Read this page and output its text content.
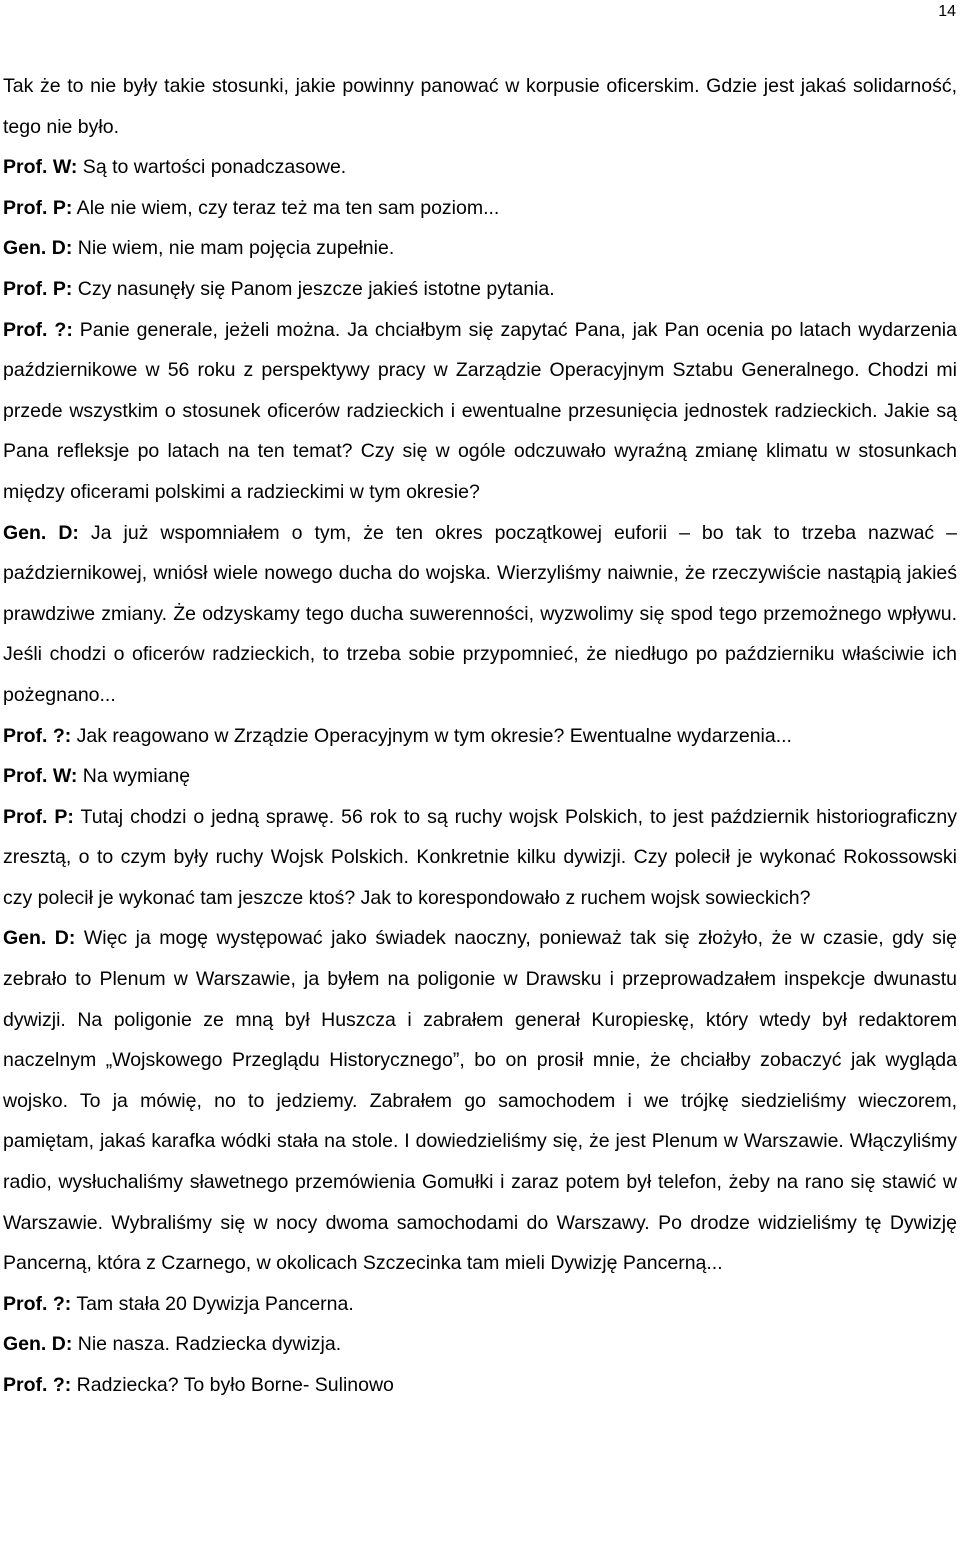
14

Tak że to nie były takie stosunki, jakie powinny panować w korpusie oficerskim. Gdzie jest jakaś solidarność, tego nie było.

Prof. W: Są to wartości ponadczasowe.

Prof. P: Ale nie wiem, czy teraz też ma ten sam poziom...

Gen. D: Nie wiem, nie mam pojęcia zupełnie.

Prof. P: Czy nasunęły się Panom jeszcze jakieś istotne pytania.

Prof. ?: Panie generale, jeżeli można. Ja chciałbym się zapytać Pana, jak Pan ocenia po latach wydarzenia październikowe w 56 roku z perspektywy pracy w Zarządzie Operacyjnym Sztabu Generalnego. Chodzi mi przede wszystkim o stosunek oficerów radzieckich i ewentualne przesunięcia jednostek radzieckich. Jakie są Pana refleksje po latach na ten temat? Czy się w ogóle odczuwało wyraźną zmianę klimatu w stosunkach między oficerami polskimi a radzieckimi w tym okresie?

Gen. D: Ja już wspomniałem o tym, że ten okres początkowej euforii – bo tak to trzeba nazwać – październikowej, wniósł wiele nowego ducha do wojska. Wierzyliśmy naiwnie, że rzeczywiście nastąpią jakieś prawdziwe zmiany. Że odzyskamy tego ducha suwerenności, wyzwolimy się spod tego przemożnego wpływu. Jeśli chodzi o oficerów radzieckich, to trzeba sobie przypomnieć, że niedługo po październiku właściwie ich pożegnano...

Prof. ?: Jak reagowano w Zrządzie Operacyjnym w tym okresie? Ewentualne wydarzenia...

Prof. W: Na wymianę

Prof. P: Tutaj chodzi o jedną sprawę. 56 rok to są ruchy wojsk Polskich, to jest październik historiograficzny zresztą, o to czym były ruchy Wojsk Polskich. Konkretnie kilku dywizji. Czy polecił je wykonać Rokossowski czy polecił je wykonać tam jeszcze ktoś? Jak to korespondowało z ruchem wojsk sowieckich?

Gen. D: Więc ja mogę występować jako świadek naoczny, ponieważ tak się złożyło, że w czasie, gdy się zebrało to Plenum w Warszawie, ja byłem na poligonie w Drawsku i przeprowadzałem inspekcje dwunastu dywizji. Na poligonie ze mną był Huszcza i zabrałem generał Kuropieskę, który wtedy był redaktorem naczelnym „Wojskowego Przeglądu Historycznego”, bo on prosił mnie, że chciałby zobaczyć jak wygląda wojsko. To ja mówię, no to jedziemy. Zabrałem go samochodem i we trójkę siedzieliśmy wieczorem, pamiętam, jakaś karafka wódki stała na stole. I dowiedzieliśmy się, że jest Plenum w Warszawie. Włączyliśmy radio, wysłuchaliśmy sławetnego przemówienia Gomułki i zaraz potem był telefon, żeby na rano się stawić w Warszawie. Wybraliśmy się w nocy dwoma samochodami do Warszawy. Po drodze widzieliśmy tę Dywizję Pancerną, która z Czarnego, w okolicach Szczecinka tam mieli Dywizję Pancerną...

Prof. ?: Tam stała 20 Dywizja Pancerna.

Gen. D: Nie nasza. Radziecka dywizja.

Prof. ?: Radziecka? To było Borne- Sulinowo
